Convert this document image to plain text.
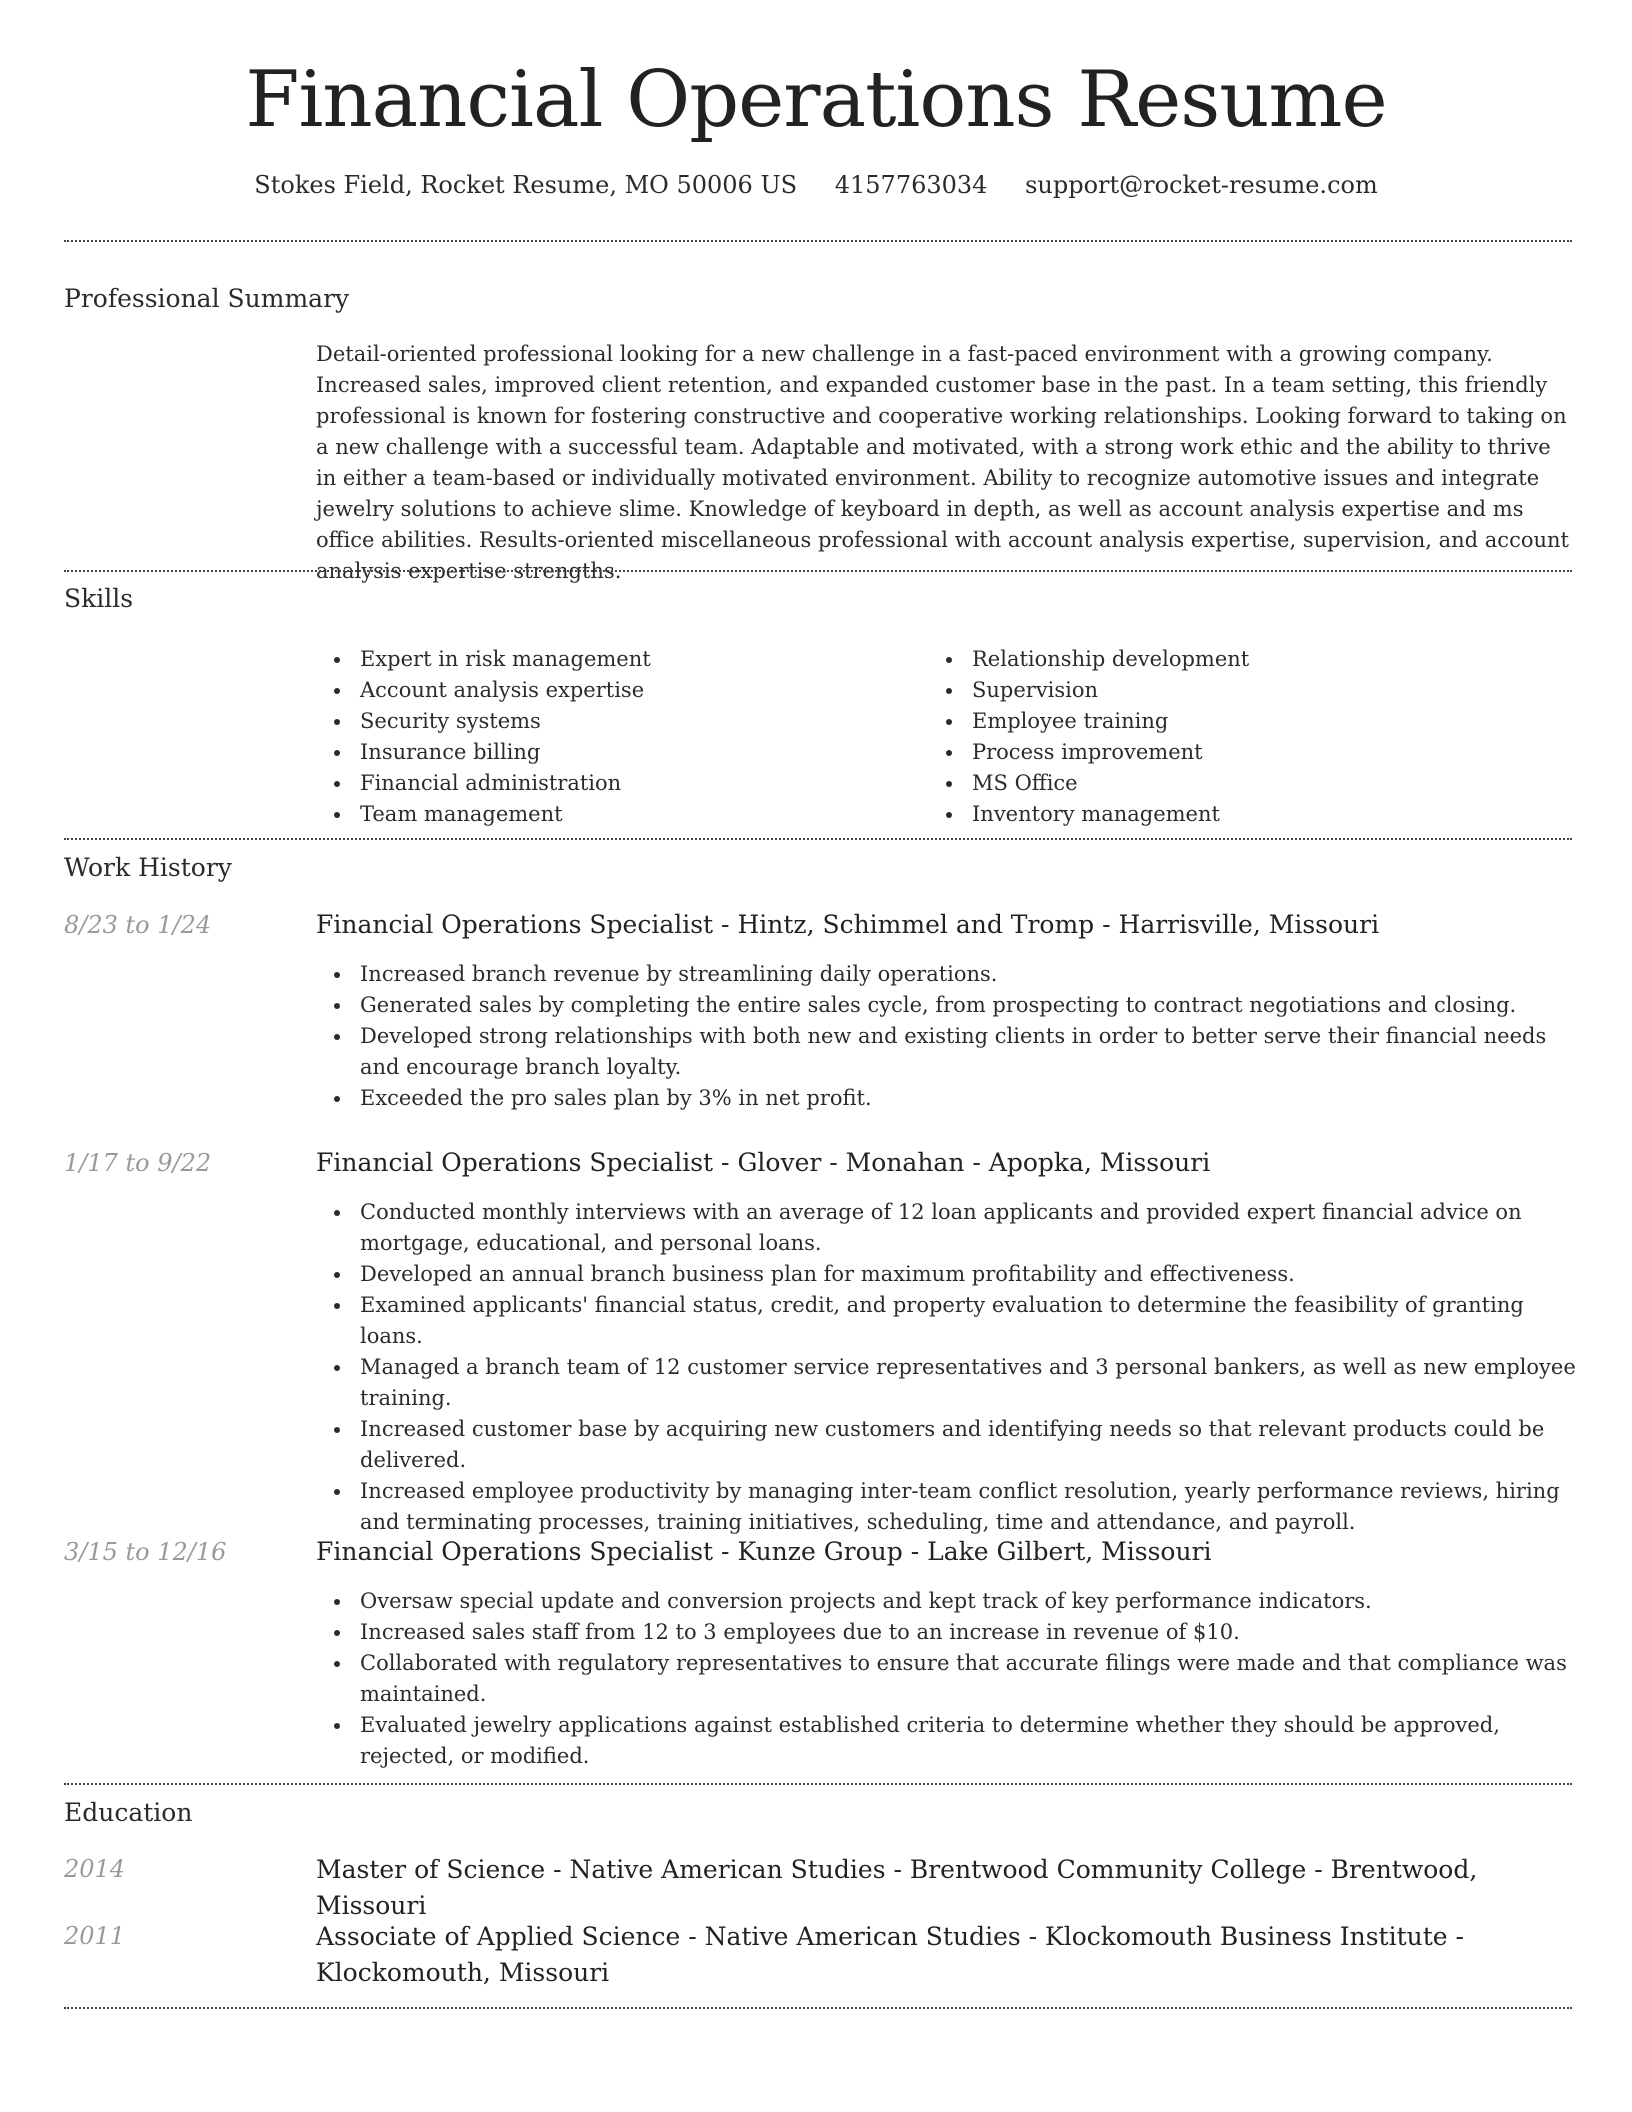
Financial Operations Resume
Stokes Field, Rocket Resume, MO 50006 US 4157763034 support@rocket-resume.com
Professional Summary
Detail-oriented professional looking for a new challenge in a fast-paced environment with a growing company. Increased sales, improved client retention, and expanded customer base in the past. In a team setting, this friendly professional is known for fostering constructive and cooperative working relationships. Looking forward to taking on a new challenge with a successful team. Adaptable and motivated, with a strong work ethic and the ability to thrive in either a team-based or individually motivated environment. Ability to recognize automotive issues and integrate jewelry solutions to achieve slime. Knowledge of keyboard in depth, as well as account analysis expertise and ms office abilities. Results-oriented miscellaneous professional with account analysis expertise, supervision, and account analysis expertise strengths.
Skills
Expert in risk management
Account analysis expertise
Security systems
Insurance billing
Financial administration
Team management
Relationship development
Supervision
Employee training
Process improvement
MS Office
Inventory management
Work History
8/23 to 1/24	Financial Operations Specialist - Hintz, Schimmel and Tromp - Harrisville, Missouri
Increased branch revenue by streamlining daily operations.
Generated sales by completing the entire sales cycle, from prospecting to contract negotiations and closing.
Developed strong relationships with both new and existing clients in order to better serve their financial needs and encourage branch loyalty.
Exceeded the pro sales plan by 3% in net profit.
1/17 to 9/22	Financial Operations Specialist - Glover - Monahan - Apopka, Missouri
Conducted monthly interviews with an average of 12 loan applicants and provided expert financial advice on mortgage, educational, and personal loans.
Developed an annual branch business plan for maximum profitability and effectiveness.
Examined applicants' financial status, credit, and property evaluation to determine the feasibility of granting loans.
Managed a branch team of 12 customer service representatives and 3 personal bankers, as well as new employee training.
Increased customer base by acquiring new customers and identifying needs so that relevant products could be delivered.
Increased employee productivity by managing inter-team conflict resolution, yearly performance reviews, hiring and terminating processes, training initiatives, scheduling, time and attendance, and payroll.
3/15 to 12/16	Financial Operations Specialist - Kunze Group - Lake Gilbert, Missouri
Oversaw special update and conversion projects and kept track of key performance indicators.
Increased sales staff from 12 to 3 employees due to an increase in revenue of $10.
Collaborated with regulatory representatives to ensure that accurate filings were made and that compliance was maintained.
Evaluated jewelry applications against established criteria to determine whether they should be approved, rejected, or modified.
Education
2014	Master of Science - Native American Studies - Brentwood Community College - Brentwood, Missouri
2011	Associate of Applied Science - Native American Studies - Klockomouth Business Institute - Klockomouth, Missouri
